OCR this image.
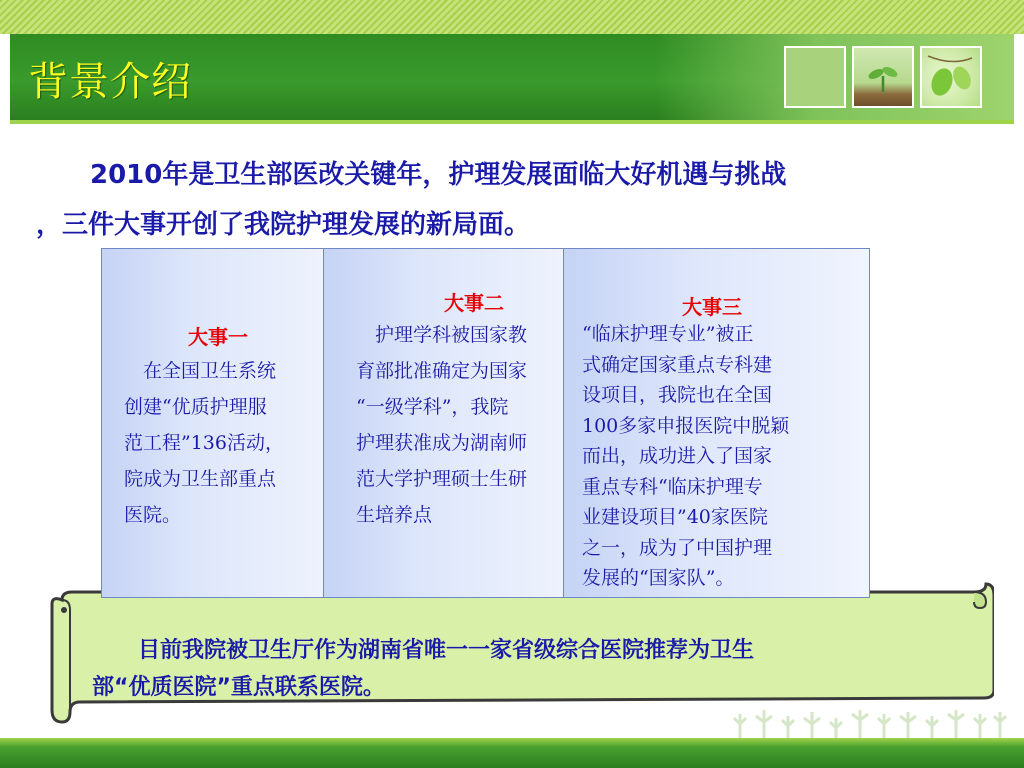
背景介绍
2010年是卫生部医改关键年，护理发展面临大好机遇与挑战
，三件大事开创了我院护理发展的新局面。
大事一
　在全国卫生系统
创建“优质护理服
范工程”136活动，
院成为卫生部重点
医院。
大事二
　护理学科被国家教
育部批准确定为国家
“一级学科”，我院
护理获准成为湖南师
范大学护理硕士生研
生培养点
大事三
“临床护理专业”被正
式确定国家重点专科建
设项目，我院也在全国
100多家申报医院中脱颖
而出，成功进入了国家
重点专科“临床护理专
业建设项目”40家医院
之一，成为了中国护理
发展的“国家队”。
目前我院被卫生厅作为湖南省唯一一家省级综合医院推荐为卫生
部“优质医院”重点联系医院。
